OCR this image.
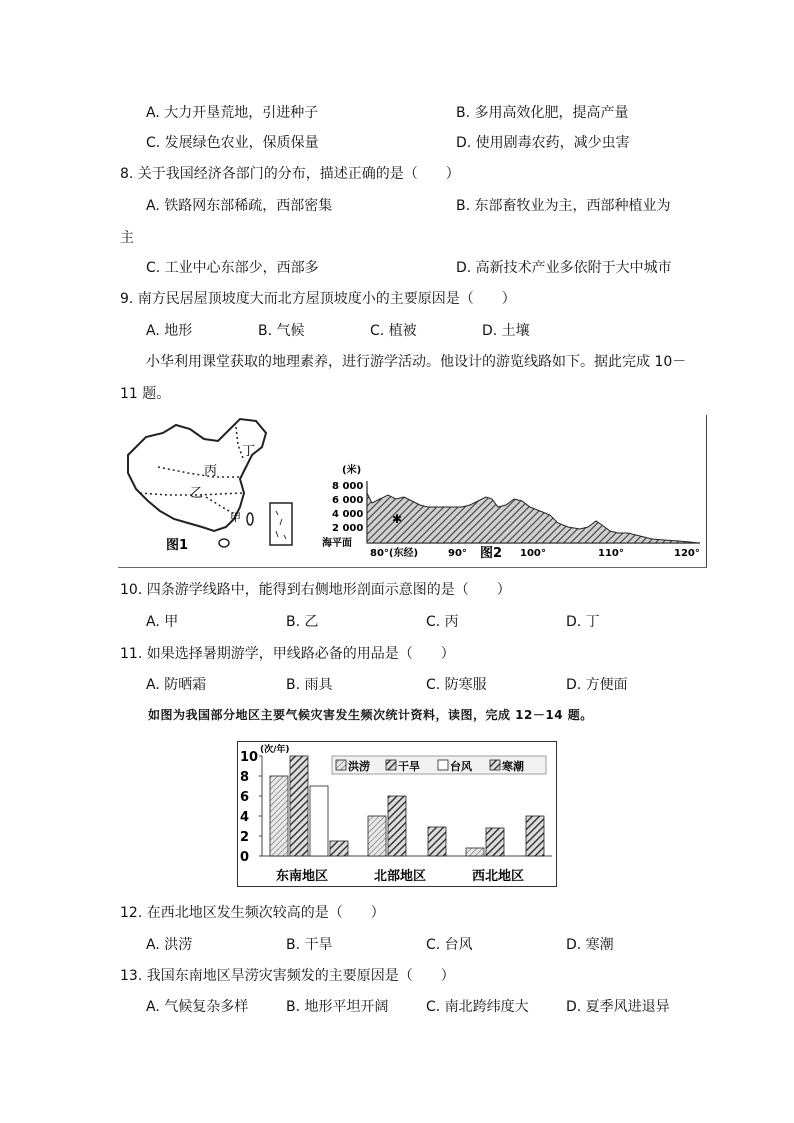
A. 大力开垦荒地，引进种子	B. 多用高效化肥，提高产量
C. 发展绿色农业，保质保量	D. 使用剧毒农药，减少虫害
8. 关于我国经济各部门的分布，描述正确的是（　　）
A. 铁路网东部稀疏，西部密集	B. 东部畜牧业为主，西部种植业为
主
C. 工业中心东部少，西部多	D. 高新技术产业多依附于大中城市
9. 南方民居屋顶坡度大而北方屋顶坡度小的主要原因是（　　）
A. 地形	B. 气候	C. 植被	D. 土壤
小华利用课堂获取的地理素养，进行游学活动。他设计的游览线路如下。据此完成 10－
11 题。
丁
丙
乙
甲
图1
(米)
8 000
6 000
4 000
2 000
海平面
✱
80°(东经)	90° 图2 100°	110°	120°
10. 四条游学线路中，能得到右侧地形剖面示意图的是（　　）
A. 甲	B. 乙	C. 丙	D. 丁
11. 如果选择暑期游学，甲线路必备的用品是（　　）
A. 防晒霜	B. 雨具	C. 防寒服	D. 方便面
如图为我国部分地区主要气候灾害发生频次统计资料，读图，完成 12－14 题。
(次/年)
10
8
6
4
2
0
东南地区	北部地区	西北地区
洪涝	干旱	台风	寒潮
12. 在西北地区发生频次较高的是（　　）
A. 洪涝	B. 干旱	C. 台风	D. 寒潮
13. 我国东南地区旱涝灾害频发的主要原因是（　　）
A. 气候复杂多样	B. 地形平坦开阔	C. 南北跨纬度大	D. 夏季风进退异
